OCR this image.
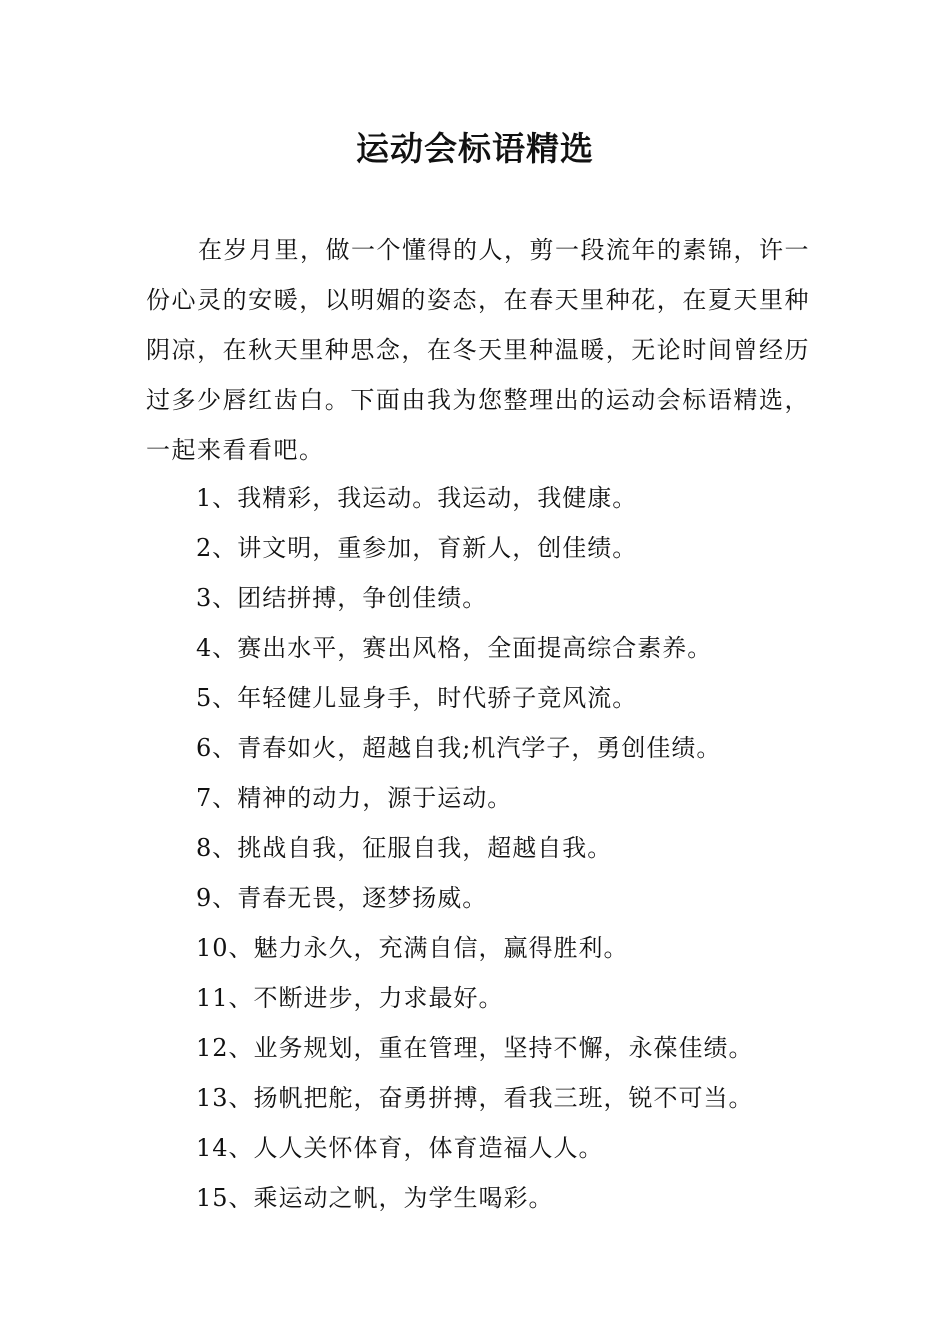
运动会标语精选

在岁月里，做一个懂得的人，剪一段流年的素锦，许一份心灵的安暖，以明媚的姿态，在春天里种花，在夏天里种阴凉，在秋天里种思念，在冬天里种温暖，无论时间曾经历过多少唇红齿白。下面由我为您整理出的运动会标语精选，一起来看看吧。

1、我精彩，我运动。我运动，我健康。
2、讲文明，重参加，育新人，创佳绩。
3、团结拼搏，争创佳绩。
4、赛出水平，赛出风格，全面提高综合素养。
5、年轻健儿显身手，时代骄子竞风流。
6、青春如火，超越自我;机汽学子，勇创佳绩。
7、精神的动力，源于运动。
8、挑战自我，征服自我，超越自我。
9、青春无畏，逐梦扬威。
10、魅力永久，充满自信，赢得胜利。
11、不断进步，力求最好。
12、业务规划，重在管理，坚持不懈，永葆佳绩。
13、扬帆把舵，奋勇拼搏，看我三班，锐不可当。
14、人人关怀体育，体育造福人人。
15、乘运动之帆，为学生喝彩。
